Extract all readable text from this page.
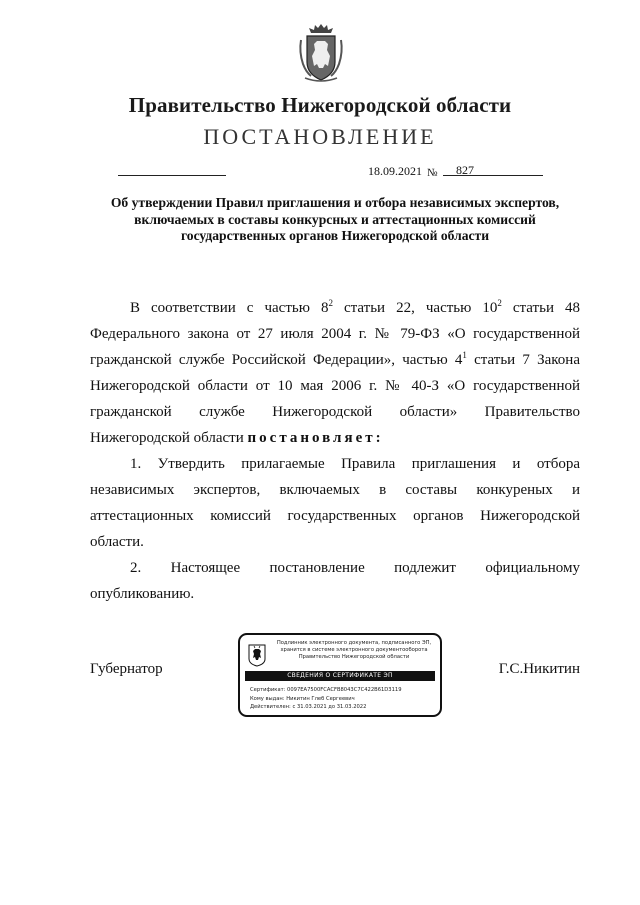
Правительство Нижегородской области
ПОСТАНОВЛЕНИЕ
18.09.2021 № 827
Об утверждении Правил приглашения и отбора независимых экспертов, включаемых в составы конкурсных и аттестационных комиссий государственных органов Нижегородской области

В соответствии с частью $8^2$ статьи 22, частью $10^2$ статьи 48 Федерального закона от 27 июля 2004 г. № 79-ФЗ «О государственной гражданской службе Российской Федерации», частью $4^1$ статьи 7 Закона Нижегородской области от 10 мая 2006 г. № 40-З «О государственной гражданской службе Нижегородской области» Правительство Нижегородской области постановляет:

1. Утвердить прилагаемые Правила приглашения и отбора независимых экспертов, включаемых в составы конкуреных и аттестационных комиссий государственных органов Нижегородской области.

2. Настоящее постановление подлежит официальному опубликованию.

Губернатор	Г.С.Никитин
Подлинник электронного документа, подписанного ЭП,
хранится в системе электронного документооборота
Правительство Нижегородской области
СВЕДЕНИЯ О СЕРТИФИКАТЕ ЭП
Сертификат: 0097EA7500FCACFB8043C7C422B61D3119
Кому выдан: Никитин Глеб Сергеевич
Действителен: с 31.03.2021 до 31.03.2022
